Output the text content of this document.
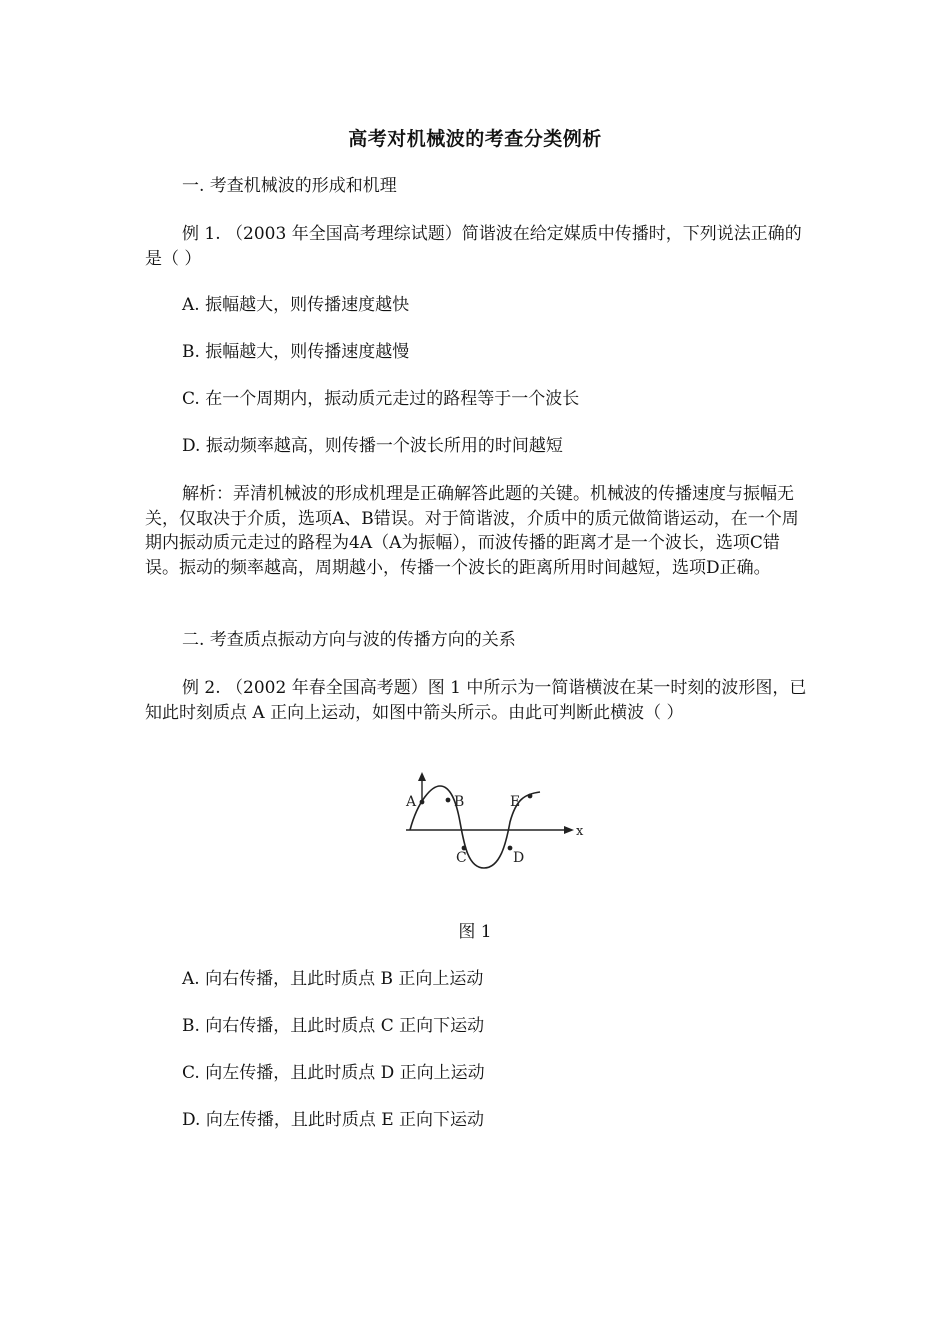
高考对机械波的考查分类例析
一. 考查机械波的形成和机理
例 1. （2003 年全国高考理综试题）简谐波在给定媒质中传播时，下列说法正确的是（ ）
A. 振幅越大，则传播速度越快
B. 振幅越大，则传播速度越慢
C. 在一个周期内，振动质元走过的路程等于一个波长
D. 振动频率越高，则传播一个波长所用的时间越短
解析：弄清机械波的形成机理是正确解答此题的关键。机械波的传播速度与振幅无关，仅取决于介质，选项A、B错误。对于简谐波，介质中的质元做简谐运动，在一个周期内振动质元走过的路程为4A（A为振幅），而波传播的距离才是一个波长，选项C错误。振动的频率越高，周期越小，传播一个波长的距离所用时间越短，选项D正确。
二. 考查质点振动方向与波的传播方向的关系
例 2. （2002 年春全国高考题）图 1 中所示为一简谐横波在某一时刻的波形图，已知此时刻质点 A 正向上运动，如图中箭头所示。由此可判断此横波（ ）
A	B
C	D
E
x
图 1
A. 向右传播，且此时质点 B 正向上运动
B. 向右传播，且此时质点 C 正向下运动
C. 向左传播，且此时质点 D 正向上运动
D. 向左传播，且此时质点 E 正向下运动
